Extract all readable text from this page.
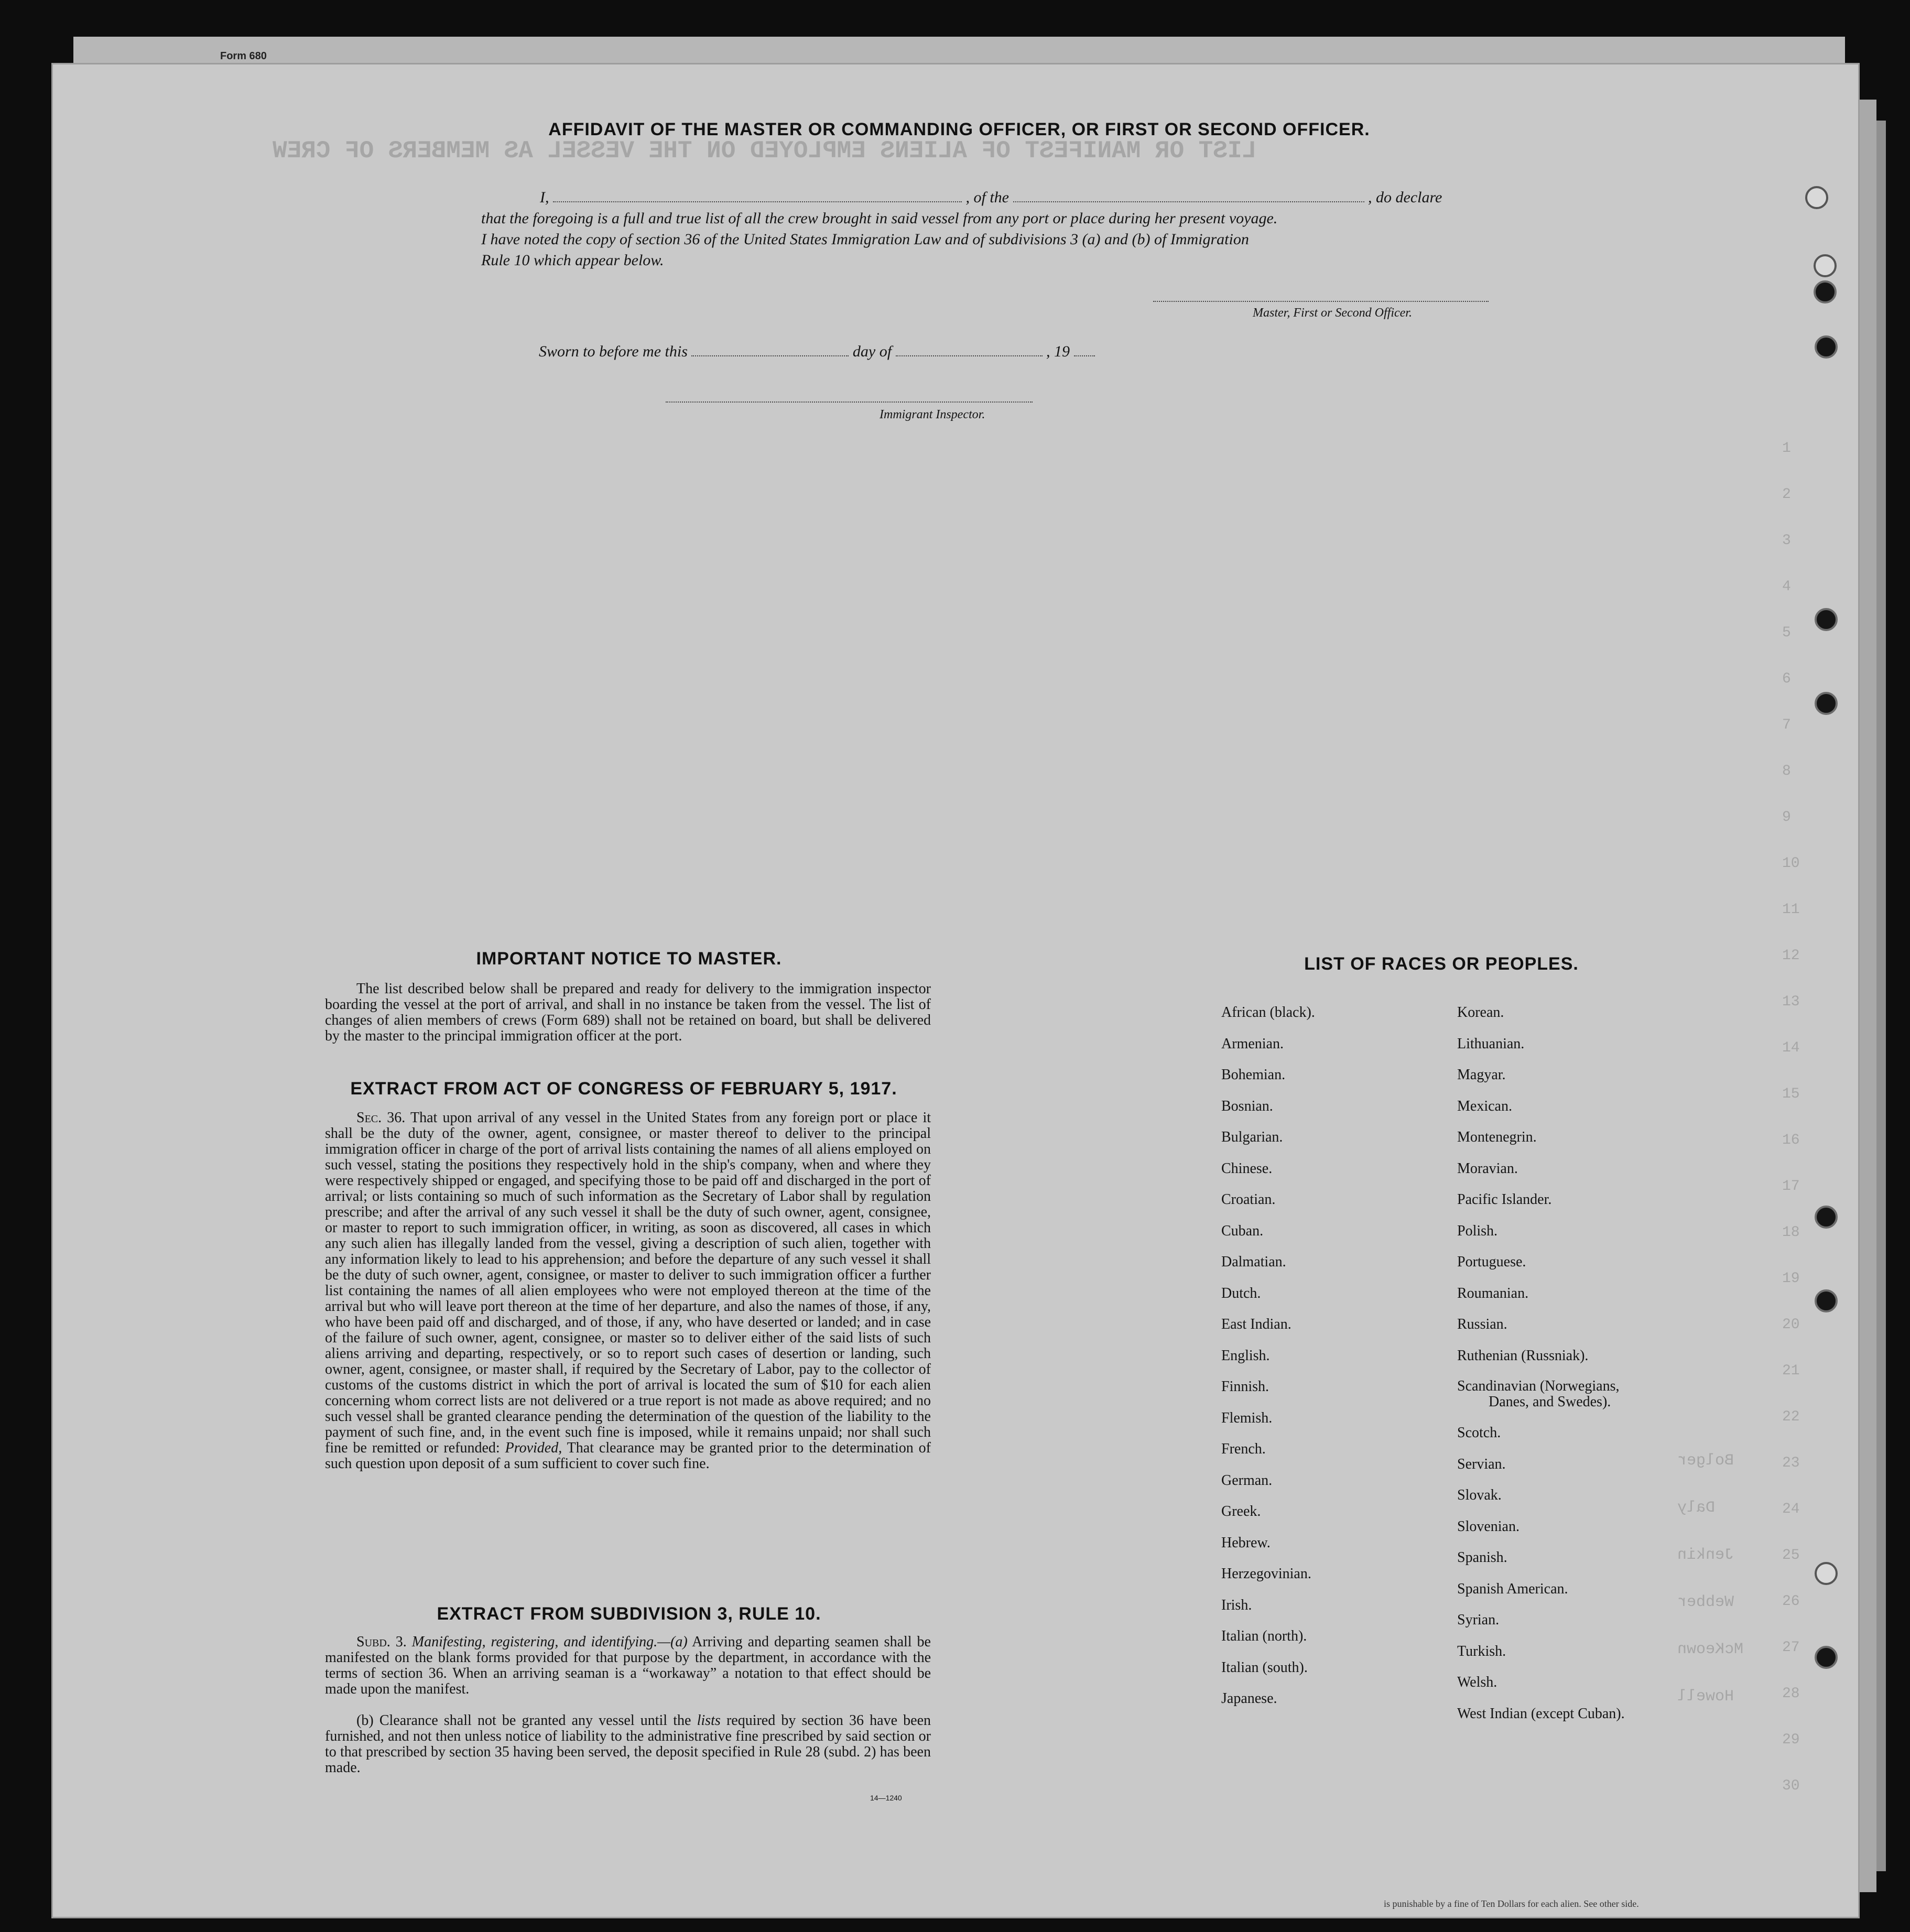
Form 680
LIST OR MANIFEST OF ALIENS EMPLOYED ON THE VESSEL AS MEMBERS OF CREW
1
2
3
4
5
6
7
8
9
10
11
12
13
14
15
16
17
18
19
20
21
22
23
24
25
26
27
28
29
30
Bolger
Daly
Jenkin
Webber
McKeown
Howell
AFFIDAVIT OF THE MASTER OR COMMANDING OFFICER, OR FIRST OR SECOND OFFICER.
I,	, of the	, do declare
that the foregoing is a full and true list of all the crew brought in said vessel from any port or place during her present voyage.
I have noted the copy of section 36 of the United States Immigration Law and of subdivisions 3 (a) and (b) of Immigration
Rule 10 which appear below.
Master, First or Second Officer.
Sworn to before me this	day of	, 19
Immigrant Inspector.
IMPORTANT NOTICE TO MASTER.
The list described below shall be prepared and ready for delivery to the immigration inspector boarding the vessel at the port of arrival, and shall in no instance be taken from the vessel. The list of changes of alien members of crews (Form 689) shall not be retained on board, but shall be delivered by the master to the principal immigration officer at the port.
EXTRACT FROM ACT OF CONGRESS OF FEBRUARY 5, 1917.
Sec. 36. That upon arrival of any vessel in the United States from any foreign port or place it shall be the duty of the owner, agent, consignee, or master thereof to deliver to the principal immigration officer in charge of the port of arrival lists containing the names of all aliens employed on such vessel, stating the positions they respectively hold in the ship's company, when and where they were respectively shipped or engaged, and specifying those to be paid off and discharged in the port of arrival; or lists containing so much of such information as the Secretary of Labor shall by regulation prescribe; and after the arrival of any such vessel it shall be the duty of such owner, agent, consignee, or master to report to such immigration officer, in writing, as soon as discovered, all cases in which any such alien has illegally landed from the vessel, giving a description of such alien, together with any information likely to lead to his apprehension; and before the departure of any such vessel it shall be the duty of such owner, agent, consignee, or master to deliver to such immigration officer a further list containing the names of all alien employees who were not employed thereon at the time of the arrival but who will leave port thereon at the time of her departure, and also the names of those, if any, who have been paid off and discharged, and of those, if any, who have deserted or landed; and in case of the failure of such owner, agent, consignee, or master so to deliver either of the said lists of such aliens arriving and departing, respectively, or so to report such cases of desertion or landing, such owner, agent, consignee, or master shall, if required by the Secretary of Labor, pay to the collector of customs of the customs district in which the port of arrival is located the sum of $10 for each alien concerning whom correct lists are not delivered or a true report is not made as above required; and no such vessel shall be granted clearance pending the determination of the question of the liability to the payment of such fine, and, in the event such fine is imposed, while it remains unpaid; nor shall such fine be remitted or refunded: Provided, That clearance may be granted prior to the determination of such question upon deposit of a sum sufficient to cover such fine.
EXTRACT FROM SUBDIVISION 3, RULE 10.
Subd. 3. Manifesting, registering, and identifying.—(a) Arriving and departing seamen shall be manifested on the blank forms provided for that purpose by the department, in accordance with the terms of section 36. When an arriving seaman is a “workaway” a notation to that effect should be made upon the manifest.
(b) Clearance shall not be granted any vessel until the lists required by section 36 have been furnished, and not then unless notice of liability to the administrative fine prescribed by said section or to that prescribed by section 35 having been served, the deposit specified in Rule 28 (subd. 2) has been made.
14—1240
LIST OF RACES OR PEOPLES.
African (black).
Armenian.
Bohemian.
Bosnian.
Bulgarian.
Chinese.
Croatian.
Cuban.
Dalmatian.
Dutch.
East Indian.
English.
Finnish.
Flemish.
French.
German.
Greek.
Hebrew.
Herzegovinian.
Irish.
Italian (north).
Italian (south).
Japanese.
Korean.
Lithuanian.
Magyar.
Mexican.
Montenegrin.
Moravian.
Pacific Islander.
Polish.
Portuguese.
Roumanian.
Russian.
Ruthenian (Russniak).
Scandinavian (Norwegians,
Danes, and Swedes).
Scotch.
Servian.
Slovak.
Slovenian.
Spanish.
Spanish American.
Syrian.
Turkish.
Welsh.
West Indian (except Cuban).
is punishable by a fine of Ten Dollars for each alien. See other side.
